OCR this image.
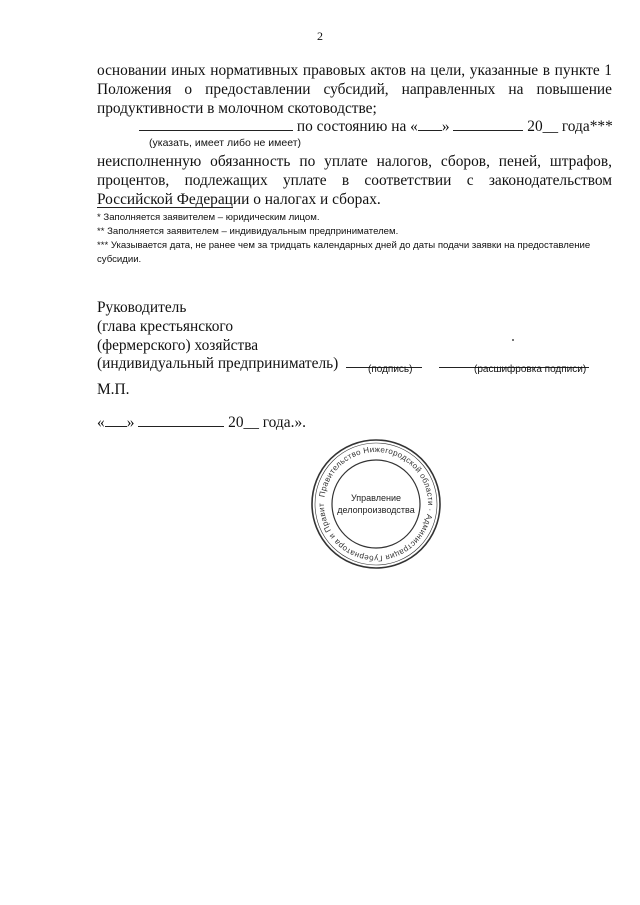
2
основании иных нормативных правовых актов на цели, указанные в пункте 1
Положения о предоставлении субсидий, направленных на повышение
продуктивности в молочном скотоводстве;
по состоянию на « »	20__ года***
(указать, имеет либо не имеет)
неисполненную обязанность по уплате налогов, сборов, пеней, штрафов,
процентов, подлежащих уплате в соответствии с законодательством
Российской Федерации о налогах и сборах.
* Заполняется заявителем – юридическим лицом.
** Заполняется заявителем – индивидуальным предпринимателем.
*** Указывается дата, не ранее чем за тридцать календарных дней до даты подачи заявки на предоставление
субсидии.
Руководитель
(глава крестьянского
(фермерского) хозяйства
(индивидуальный предприниматель)	(подпись)	(расшифровка подписи)
М.П.
« »	20__ года.».
Правительство Нижегородской области · Администрация Губернатора и Правит
Управление
делопроизводства
